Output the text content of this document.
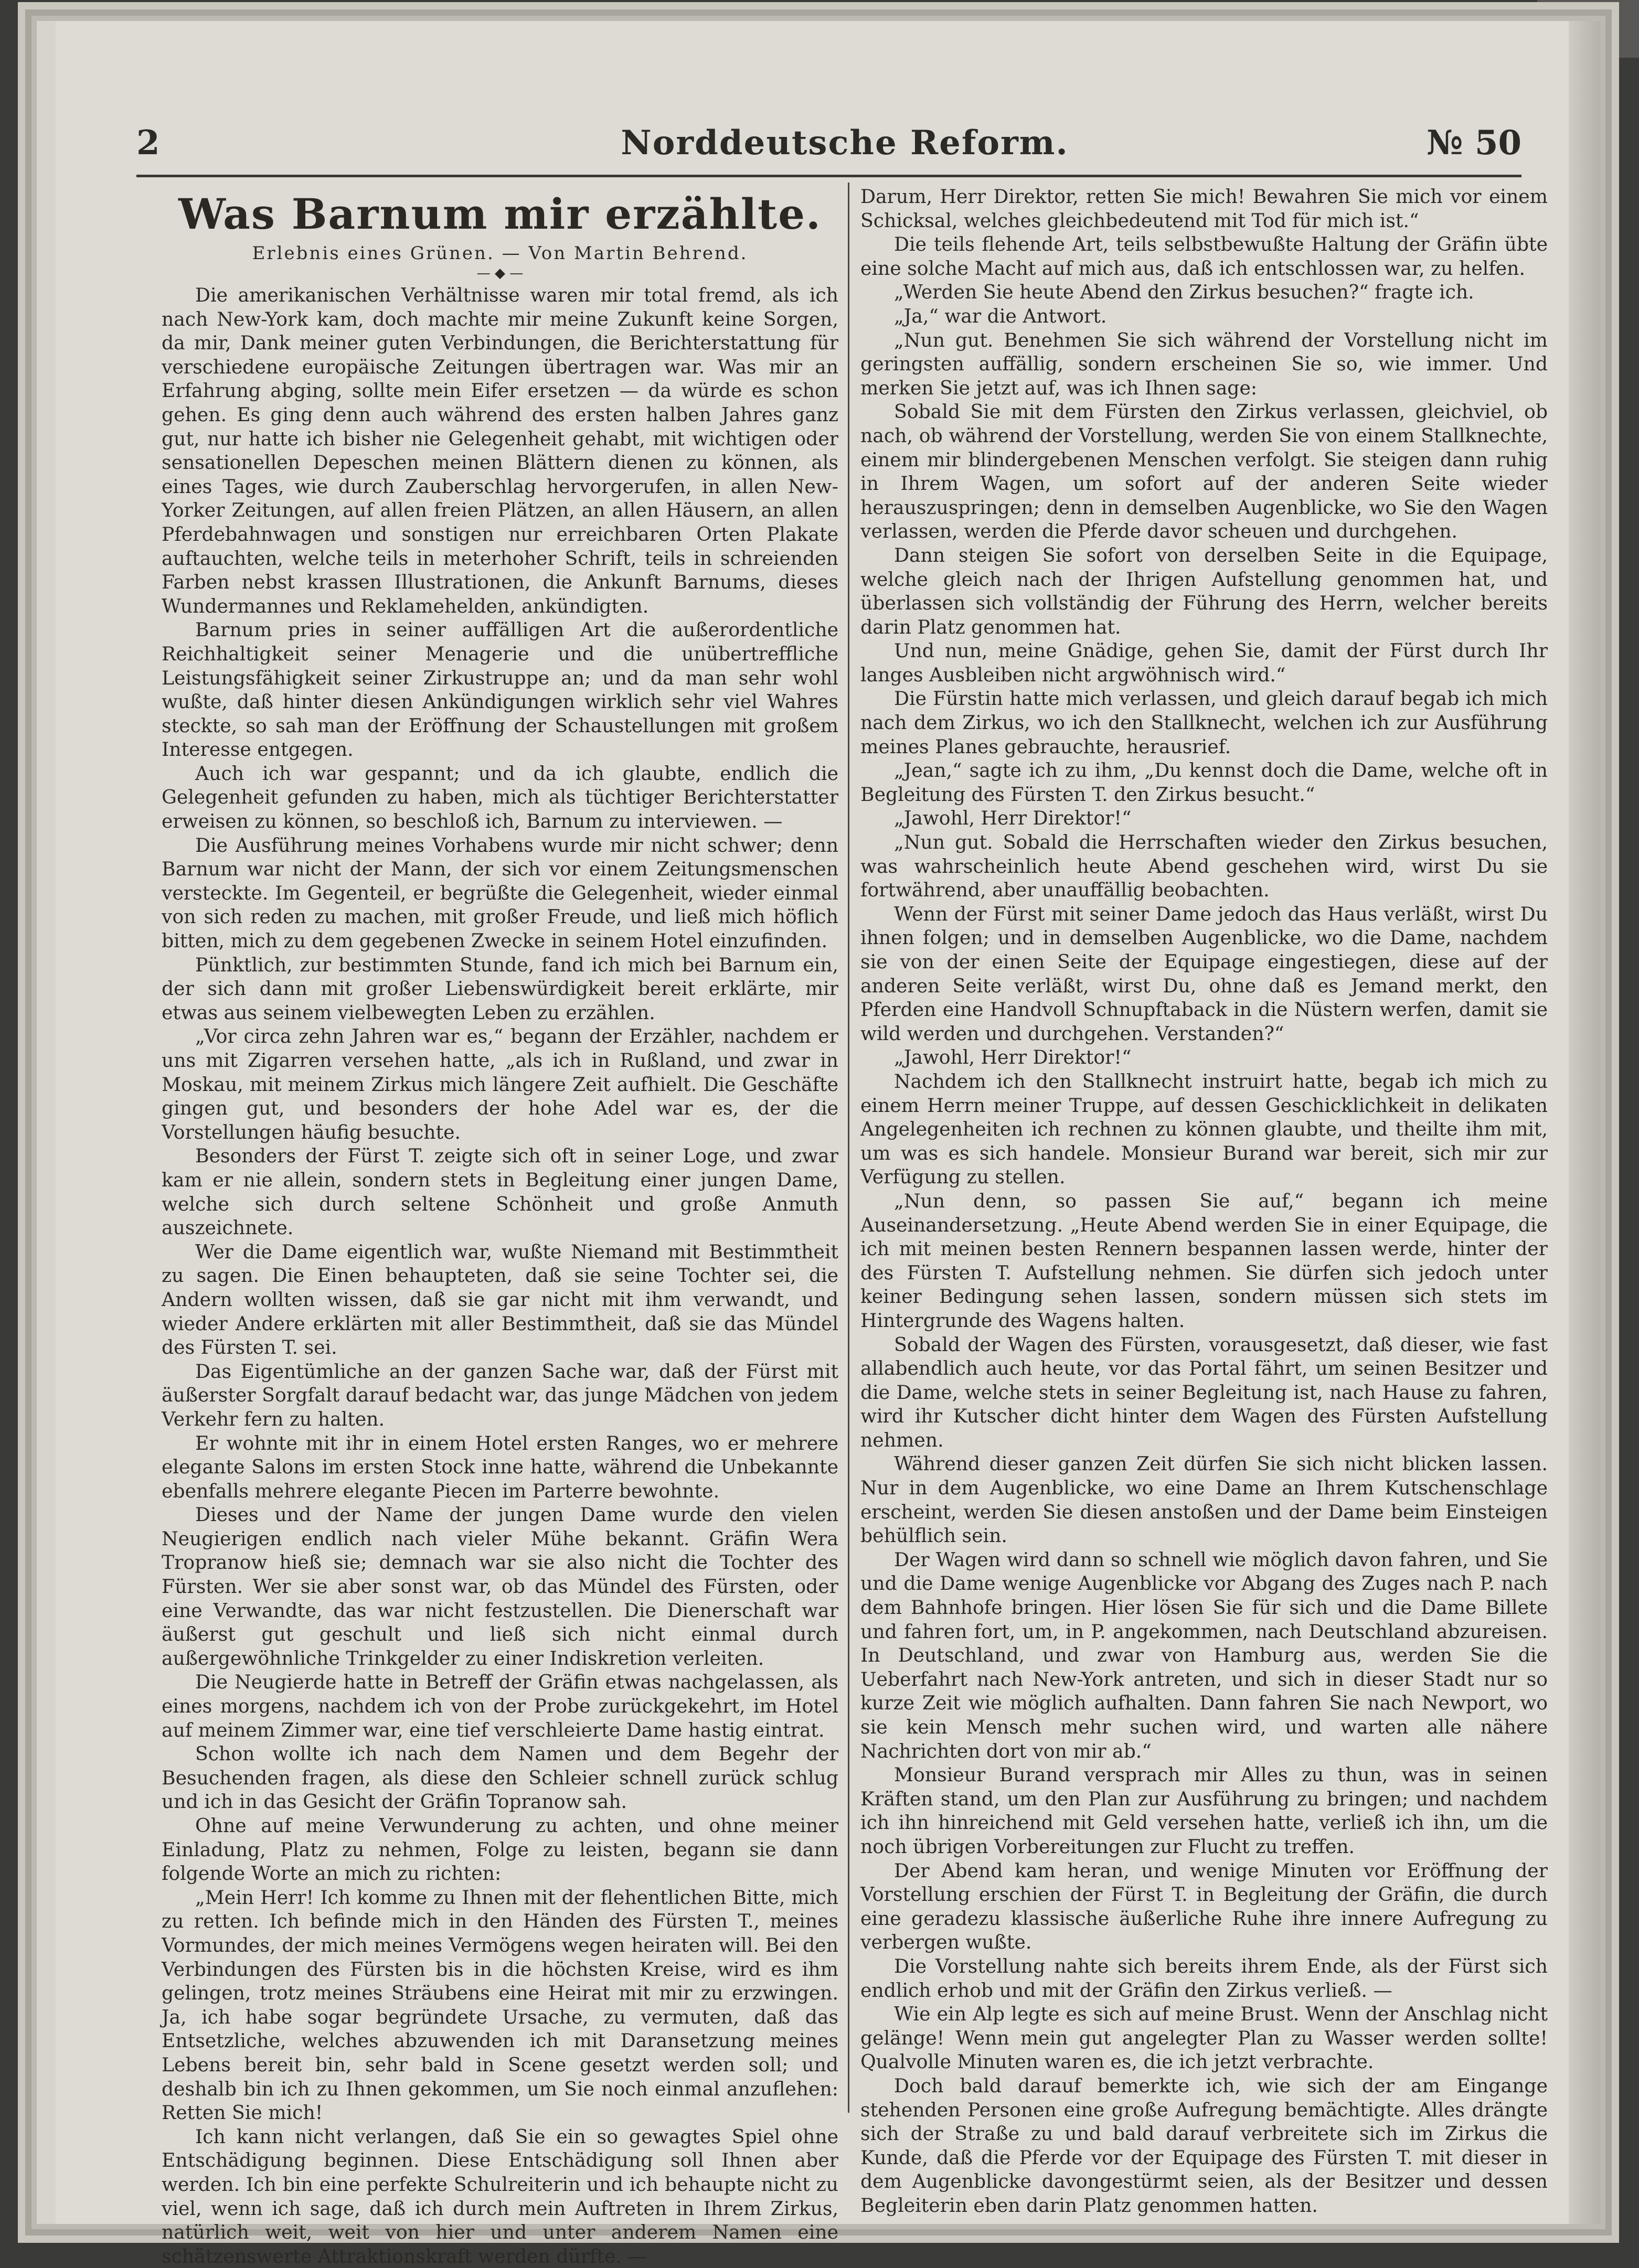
2	Norddeutsche Reform.	№ 50
Was Barnum mir erzählte.
Erlebnis eines Grünen. — Von Martin Behrend.
— ◆ —

Die amerikanischen Verhältnisse waren mir total fremd, als ich nach New-York kam, doch machte mir meine Zukunft keine Sorgen, da mir, Dank meiner guten Verbindungen, die Berichterstattung für verschiedene europäische Zeitungen übertragen war. Was mir an Erfahrung abging, sollte mein Eifer ersetzen — da würde es schon gehen. Es ging denn auch während des ersten halben Jahres ganz gut, nur hatte ich bisher nie Gelegenheit gehabt, mit wichtigen oder sensationellen Depeschen meinen Blättern dienen zu können, als eines Tages, wie durch Zauberschlag hervorgerufen, in allen New-Yorker Zeitungen, auf allen freien Plätzen, an allen Häusern, an allen Pferdebahnwagen und sonstigen nur erreichbaren Orten Plakate auftauchten, welche teils in meterhoher Schrift, teils in schreienden Farben nebst krassen Illustrationen, die Ankunft Barnums, dieses Wundermannes und Reklamehelden, ankündigten.

Barnum pries in seiner auffälligen Art die außerordentliche Reichhaltigkeit seiner Menagerie und die unübertreffliche Leistungsfähigkeit seiner Zirkustruppe an; und da man sehr wohl wußte, daß hinter diesen Ankündigungen wirklich sehr viel Wahres steckte, so sah man der Eröffnung der Schaustellungen mit großem Interesse entgegen.

Auch ich war gespannt; und da ich glaubte, endlich die Gelegenheit gefunden zu haben, mich als tüchtiger Berichterstatter erweisen zu können, so beschloß ich, Barnum zu interviewen. —

Die Ausführung meines Vorhabens wurde mir nicht schwer; denn Barnum war nicht der Mann, der sich vor einem Zeitungsmenschen versteckte. Im Gegenteil, er begrüßte die Gelegenheit, wieder einmal von sich reden zu machen, mit großer Freude, und ließ mich höflich bitten, mich zu dem gegebenen Zwecke in seinem Hotel einzufinden.

Pünktlich, zur bestimmten Stunde, fand ich mich bei Barnum ein, der sich dann mit großer Liebenswürdigkeit bereit erklärte, mir etwas aus seinem vielbewegten Leben zu erzählen.

„Vor circa zehn Jahren war es,“ begann der Erzähler, nachdem er uns mit Zigarren versehen hatte, „als ich in Rußland, und zwar in Moskau, mit meinem Zirkus mich längere Zeit aufhielt. Die Geschäfte gingen gut, und besonders der hohe Adel war es, der die Vorstellungen häufig besuchte.

Besonders der Fürst T. zeigte sich oft in seiner Loge, und zwar kam er nie allein, sondern stets in Begleitung einer jungen Dame, welche sich durch seltene Schönheit und große Anmuth auszeichnete.

Wer die Dame eigentlich war, wußte Niemand mit Bestimmtheit zu sagen. Die Einen behaupteten, daß sie seine Tochter sei, die Andern wollten wissen, daß sie gar nicht mit ihm verwandt, und wieder Andere erklärten mit aller Bestimmtheit, daß sie das Mündel des Fürsten T. sei.

Das Eigentümliche an der ganzen Sache war, daß der Fürst mit äußerster Sorgfalt darauf bedacht war, das junge Mädchen von jedem Verkehr fern zu halten.

Er wohnte mit ihr in einem Hotel ersten Ranges, wo er mehrere elegante Salons im ersten Stock inne hatte, während die Unbekannte ebenfalls mehrere elegante Piecen im Parterre bewohnte.

Dieses und der Name der jungen Dame wurde den vielen Neugierigen endlich nach vieler Mühe bekannt. Gräfin Wera Tropranow hieß sie; demnach war sie also nicht die Tochter des Fürsten. Wer sie aber sonst war, ob das Mündel des Fürsten, oder eine Verwandte, das war nicht festzustellen. Die Dienerschaft war äußerst gut geschult und ließ sich nicht einmal durch außergewöhnliche Trinkgelder zu einer Indiskretion verleiten.

Die Neugierde hatte in Betreff der Gräfin etwas nachgelassen, als eines morgens, nachdem ich von der Probe zurückgekehrt, im Hotel auf meinem Zimmer war, eine tief verschleierte Dame hastig eintrat.

Schon wollte ich nach dem Namen und dem Begehr der Besuchenden fragen, als diese den Schleier schnell zurück schlug und ich in das Gesicht der Gräfin Topranow sah.

Ohne auf meine Verwunderung zu achten, und ohne meiner Einladung, Platz zu nehmen, Folge zu leisten, begann sie dann folgende Worte an mich zu richten:

„Mein Herr! Ich komme zu Ihnen mit der flehentlichen Bitte, mich zu retten. Ich befinde mich in den Händen des Fürsten T., meines Vormundes, der mich meines Vermögens wegen heiraten will. Bei den Verbindungen des Fürsten bis in die höchsten Kreise, wird es ihm gelingen, trotz meines Sträubens eine Heirat mit mir zu erzwingen. Ja, ich habe sogar begründete Ursache, zu vermuten, daß das Entsetzliche, welches abzuwenden ich mit Daransetzung meines Lebens bereit bin, sehr bald in Scene gesetzt werden soll; und deshalb bin ich zu Ihnen gekommen, um Sie noch einmal anzuflehen: Retten Sie mich!

Ich kann nicht verlangen, daß Sie ein so gewagtes Spiel ohne Entschädigung beginnen. Diese Entschädigung soll Ihnen aber werden. Ich bin eine perfekte Schulreiterin und ich behaupte nicht zu viel, wenn ich sage, daß ich durch mein Auftreten in Ihrem Zirkus, natürlich weit, weit von hier und unter anderem Namen eine schätzenswerte Attraktionskraft werden dürfte. —

Darum, Herr Direktor, retten Sie mich! Bewahren Sie mich vor einem Schicksal, welches gleichbedeutend mit Tod für mich ist.“

Die teils flehende Art, teils selbstbewußte Haltung der Gräfin übte eine solche Macht auf mich aus, daß ich entschlossen war, zu helfen.

„Werden Sie heute Abend den Zirkus besuchen?“ fragte ich.

„Ja,“ war die Antwort.

„Nun gut. Benehmen Sie sich während der Vorstellung nicht im geringsten auffällig, sondern erscheinen Sie so, wie immer. Und merken Sie jetzt auf, was ich Ihnen sage:

Sobald Sie mit dem Fürsten den Zirkus verlassen, gleichviel, ob nach, ob während der Vorstellung, werden Sie von einem Stallknechte, einem mir blindergebenen Menschen verfolgt. Sie steigen dann ruhig in Ihrem Wagen, um sofort auf der anderen Seite wieder herauszuspringen; denn in demselben Augenblicke, wo Sie den Wagen verlassen, werden die Pferde davor scheuen und durchgehen.

Dann steigen Sie sofort von derselben Seite in die Equipage, welche gleich nach der Ihrigen Aufstellung genommen hat, und überlassen sich vollständig der Führung des Herrn, welcher bereits darin Platz genommen hat.

Und nun, meine Gnädige, gehen Sie, damit der Fürst durch Ihr langes Ausbleiben nicht argwöhnisch wird.“

Die Fürstin hatte mich verlassen, und gleich darauf begab ich mich nach dem Zirkus, wo ich den Stallknecht, welchen ich zur Ausführung meines Planes gebrauchte, herausrief.

„Jean,“ sagte ich zu ihm, „Du kennst doch die Dame, welche oft in Begleitung des Fürsten T. den Zirkus besucht.“

„Jawohl, Herr Direktor!“

„Nun gut. Sobald die Herrschaften wieder den Zirkus besuchen, was wahrscheinlich heute Abend geschehen wird, wirst Du sie fortwährend, aber unauffällig beobachten.

Wenn der Fürst mit seiner Dame jedoch das Haus verläßt, wirst Du ihnen folgen; und in demselben Augenblicke, wo die Dame, nachdem sie von der einen Seite der Equipage eingestiegen, diese auf der anderen Seite verläßt, wirst Du, ohne daß es Jemand merkt, den Pferden eine Handvoll Schnupftaback in die Nüstern werfen, damit sie wild werden und durchgehen. Verstanden?“

„Jawohl, Herr Direktor!“

Nachdem ich den Stallknecht instruirt hatte, begab ich mich zu einem Herrn meiner Truppe, auf dessen Geschicklichkeit in delikaten Angelegenheiten ich rechnen zu können glaubte, und theilte ihm mit, um was es sich handele. Monsieur Burand war bereit, sich mir zur Verfügung zu stellen.

„Nun denn, so passen Sie auf,“ begann ich meine Auseinandersetzung. „Heute Abend werden Sie in einer Equipage, die ich mit meinen besten Rennern bespannen lassen werde, hinter der des Fürsten T. Aufstellung nehmen. Sie dürfen sich jedoch unter keiner Bedingung sehen lassen, sondern müssen sich stets im Hintergrunde des Wagens halten.

Sobald der Wagen des Fürsten, vorausgesetzt, daß dieser, wie fast allabendlich auch heute, vor das Portal fährt, um seinen Besitzer und die Dame, welche stets in seiner Begleitung ist, nach Hause zu fahren, wird ihr Kutscher dicht hinter dem Wagen des Fürsten Aufstellung nehmen.

Während dieser ganzen Zeit dürfen Sie sich nicht blicken lassen. Nur in dem Augenblicke, wo eine Dame an Ihrem Kutschenschlage erscheint, werden Sie diesen anstoßen und der Dame beim Einsteigen behülflich sein.

Der Wagen wird dann so schnell wie möglich davon fahren, und Sie und die Dame wenige Augenblicke vor Abgang des Zuges nach P. nach dem Bahnhofe bringen. Hier lösen Sie für sich und die Dame Billete und fahren fort, um, in P. angekommen, nach Deutschland abzureisen. In Deutschland, und zwar von Hamburg aus, werden Sie die Ueberfahrt nach New-York antreten, und sich in dieser Stadt nur so kurze Zeit wie möglich aufhalten. Dann fahren Sie nach Newport, wo sie kein Mensch mehr suchen wird, und warten alle nähere Nachrichten dort von mir ab.“

Monsieur Burand versprach mir Alles zu thun, was in seinen Kräften stand, um den Plan zur Ausführung zu bringen; und nachdem ich ihn hinreichend mit Geld versehen hatte, verließ ich ihn, um die noch übrigen Vorbereitungen zur Flucht zu treffen.

Der Abend kam heran, und wenige Minuten vor Eröffnung der Vorstellung erschien der Fürst T. in Begleitung der Gräfin, die durch eine geradezu klassische äußerliche Ruhe ihre innere Aufregung zu verbergen wußte.

Die Vorstellung nahte sich bereits ihrem Ende, als der Fürst sich endlich erhob und mit der Gräfin den Zirkus verließ. —

Wie ein Alp legte es sich auf meine Brust. Wenn der Anschlag nicht gelänge! Wenn mein gut angelegter Plan zu Wasser werden sollte! Qualvolle Minuten waren es, die ich jetzt verbrachte.

Doch bald darauf bemerkte ich, wie sich der am Eingange stehenden Personen eine große Aufregung bemächtigte. Alles drängte sich der Straße zu und bald darauf verbreitete sich im Zirkus die Kunde, daß die Pferde vor der Equipage des Fürsten T. mit dieser in dem Augenblicke davongestürmt seien, als der Besitzer und dessen Begleiterin eben darin Platz genommen hatten.
